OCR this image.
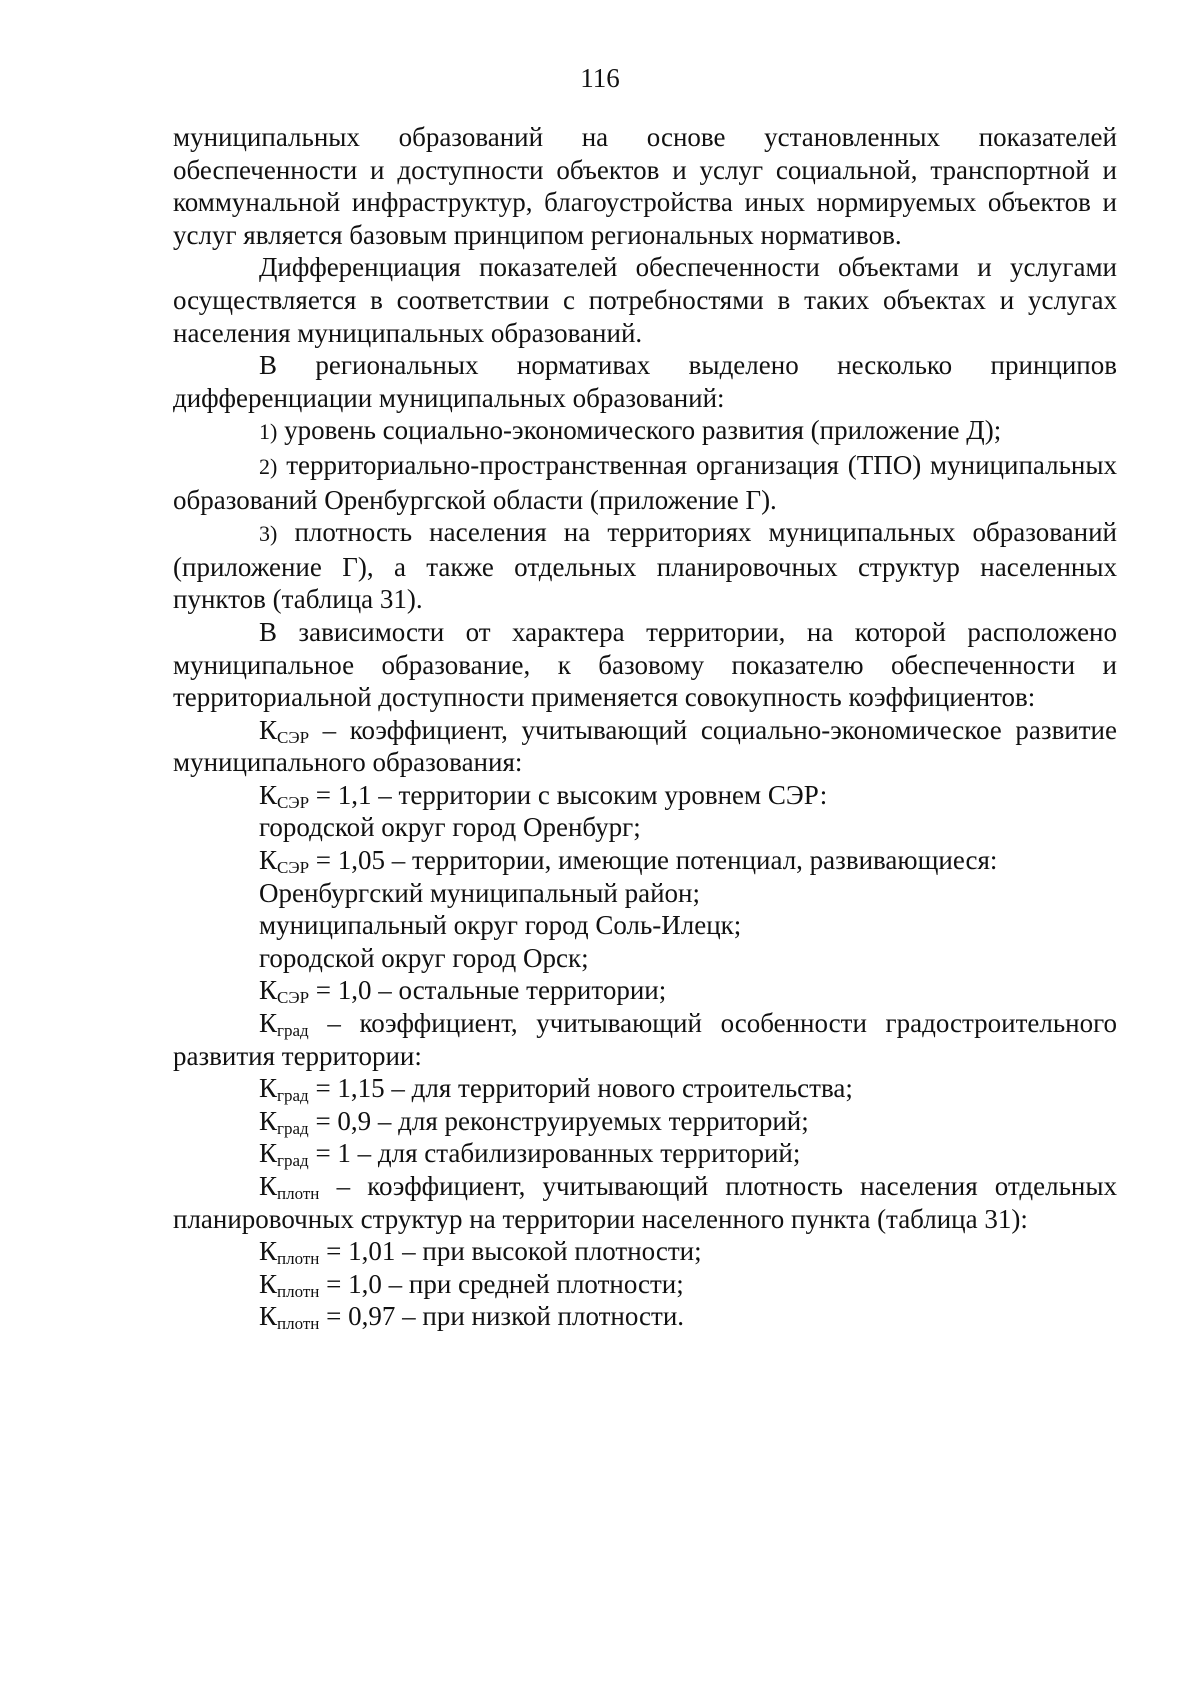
116

муниципальных образований на основе установленных показателей обеспеченности и доступности объектов и услуг социальной, транспортной и коммунальной инфраструктур, благоустройства иных нормируемых объектов и услуг является базовым принципом региональных нормативов.

Дифференциация показателей обеспеченности объектами и услугами осуществляется в соответствии с потребностями в таких объектах и услугах населения муниципальных образований.

В региональных нормативах выделено несколько принципов дифференциации муниципальных образований:

1) уровень социально-экономического развития (приложение Д);

2) территориально-пространственная организация (ТПО) муниципальных образований Оренбургской области (приложение Г).

3) плотность населения на территориях муниципальных образований (приложение Г), а также отдельных планировочных структур населенных пунктов (таблица 31).

В зависимости от характера территории, на которой расположено муниципальное образование, к базовому показателю обеспеченности и территориальной доступности применяется совокупность коэффициентов:

$К_{СЭР}$ – коэффициент, учитывающий социально-экономическое развитие муниципального образования:

$К_{СЭР} = 1,1$ – территории с высоким уровнем СЭР:
городской округ город Оренбург;
$К_{СЭР} = 1,05$ – территории, имеющие потенциал, развивающиеся:
Оренбургский муниципальный район;
муниципальный округ город Соль-Илецк;
городской округ город Орск;
$К_{СЭР} = 1,0$ – остальные территории;

$К_{град}$ – коэффициент, учитывающий особенности градостроительного развития территории:

$К_{град} = 1,15$ – для территорий нового строительства;
$К_{град} = 0,9$ – для реконструируемых территорий;
$К_{град} = 1$ – для стабилизированных территорий;

$К_{плотн}$ – коэффициент, учитывающий плотность населения отдельных планировочных структур на территории населенного пункта (таблица 31):

$К_{плотн} = 1,01$ – при высокой плотности;
$К_{плотн} = 1,0$ – при средней плотности;
$К_{плотн} = 0,97$ – при низкой плотности.
